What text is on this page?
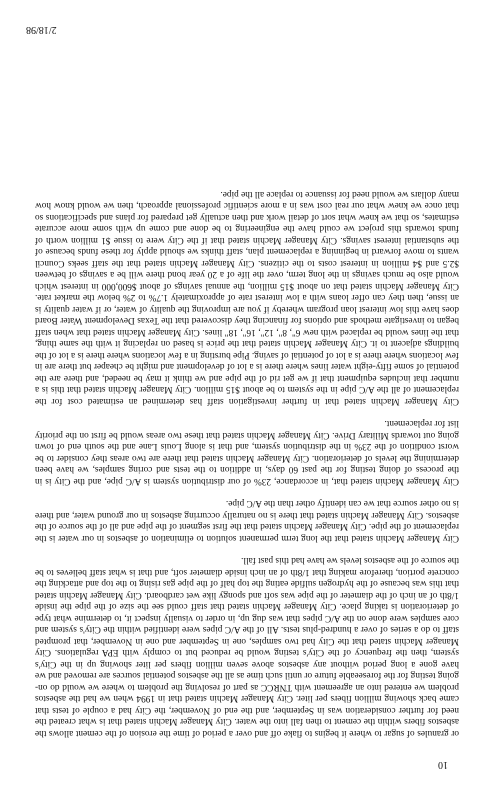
10

or granules of sugar to where it begins to flake off and over a period of time the erosion of the cement allows the asbestos fibers within the cement to then fall into the water. City Manager Machin stated that is what created the need for further consideration was in September, and the end of November, the City had a couple of tests that came back showing million fibers per liter. City Manager Machin stated that in 1994 when we had the asbestos problem we entered into an agreement with TNRCC as part of resolving the problem to where we would do on-going testing for the foreseeable future or until such time as all the asbestos potential sources are removed and we have gone a long period without any asbestos above seven million fibers per liter showing up in the City's system, then the frequency of the City's testing would be reduced but to comply with EPA regulations. City Manager Machin stated that the City had two samples, one in September and one in November, that prompted staff to do a series of over a hundred-plus tests. All of the A/C pipes were identified within the City's system and core samples were done on the A/C pipes that was dug up, in order to visually inspect it, to determine what type of deterioration is taking place. City Manager Machin stated that staff could see the size of the pipe the inside 1/8th of an inch of the diameter of the pipe was soft and spongy like wet cardboard. City Manager Machin stated that this was because of the hydrogen sulfide eating the top half of the pipe gas rising to the top and attacking the concrete portion, therefore making that 1/8th of an inch inside diameter soft, and that is what staff believes to be the source of the asbestos levels we have had this past fall.

City Manager Machin stated that the long term permanent solution to elimination of asbestos in our water is the replacement of the pipe. City Manager Machin stated that the first segment of the pipe and all of the source of the asbestos. City Manager Machin stated that there is no naturally occurring asbestos in our ground water, and there is no other source that we can identify other than the A/C pipe.

City Manager Machin stated that, in accordance, 23% of our distribution system is A/C pipe, and the City is in the process of doing testing for the past 60 days, in addition to the tests and coring samples, we have been determining the levels of deterioration. City Manager Machin stated that there are two areas they consider to be worst condition of the 23% in the distribution system, and that is along Louis Lane and the south end of town going out towards Military Drive. City Manager Machin stated that these two areas would be first on the priority list for replacement.

City Manager Machin stated that in further investigation staff has determined an estimated cost for the replacement of all the A/C pipe in the system to be about $15 million. City Manager Machin stated that this is a number that includes equipment that if we get rid of the pipe and we think it may be needed, and there are the potential of some fifty-eight water lines where there is a lot of development and might be cheaper but there are in few locations where there is a lot of potential of saving. Pipe bursting in a few locations where there is a lot of the buildings adjacent to it. City Manager Machin stated that the price is based on replacing it with the same thing, that the lines would be replaced with new 6", 8", 12", 16", 18" lines. City Manager Machin stated that when staff began to investigate methods and options for financing they discovered that the Texas Development Water Board does have this low interest loan program whereby if you are improving the quality of water, or if water quality is an issue, then they can offer loans with a low interest rate of approximately 1.7% to 2% below the market rate. City Manager Machin stated that on about $15 million, the annual savings of about $600,000 in interest which would also be much savings in the long term, over the life of a 20 year bond there will be a savings of between $2.5 and $4 million in interest costs to the citizens. City Manager Machin stated that the staff seeks Council wants to move forward in beginning a replacement plan, staff thinks we should apply for these funds because of the substantial interest savings. City Manager Machin stated that if the City were to issue $1 million worth of funds towards this project we could have the engineering to be done and come up with some more accurate estimates, so that we knew what sort of detail work and then actually get prepared for plans and specifications so that once we knew what our real cost was in a more scientific professional approach, then we would know how many dollars we would need for issuance to replace all the pipe.

2/18/98
